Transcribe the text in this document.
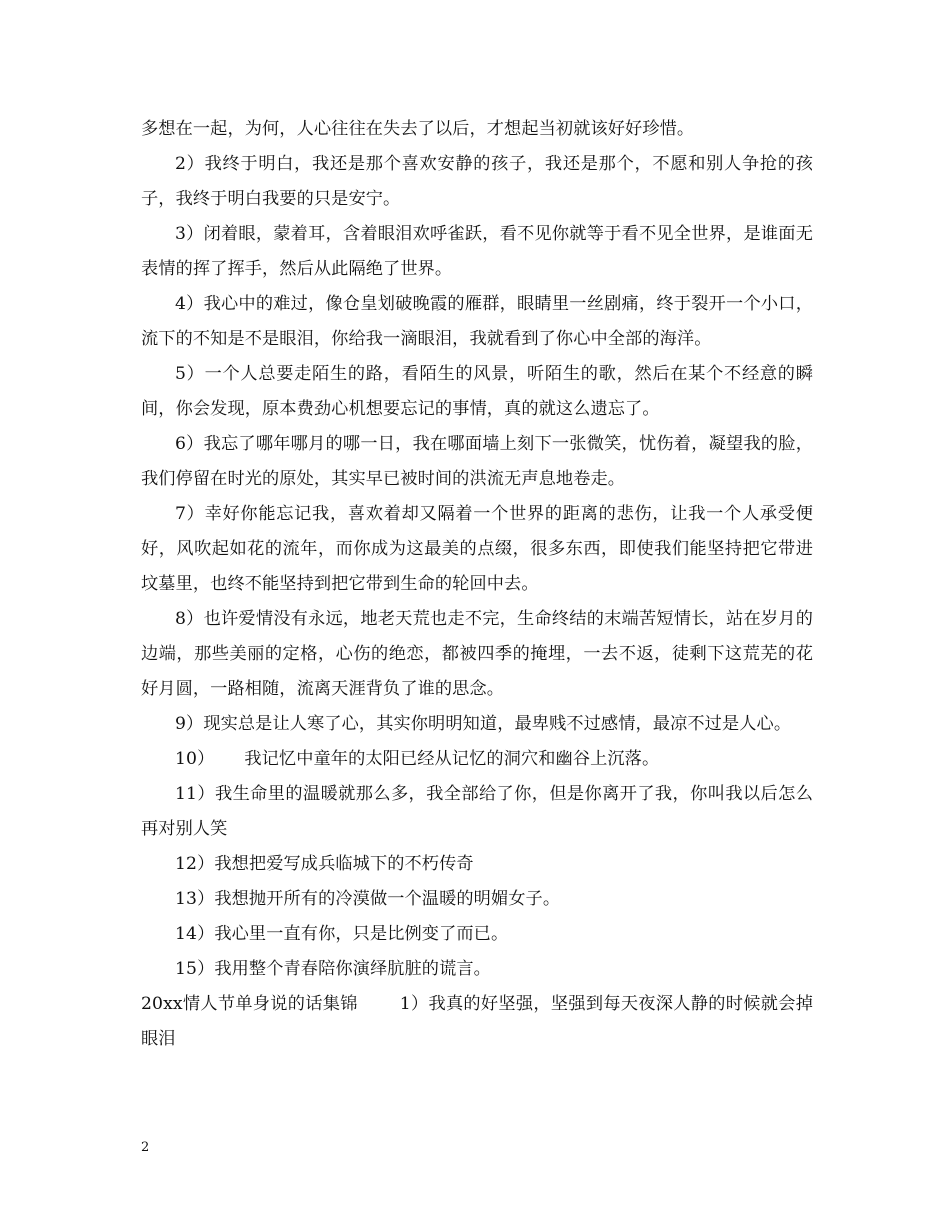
多想在一起，为何，人心往往在失去了以后，才想起当初就该好好珍惜。

2）我终于明白，我还是那个喜欢安静的孩子，我还是那个，不愿和别人争抢的孩子，我终于明白我要的只是安宁。

3）闭着眼，蒙着耳，含着眼泪欢呼雀跃，看不见你就等于看不见全世界，是谁面无表情的挥了挥手，然后从此隔绝了世界。

4）我心中的难过，像仓皇划破晚霞的雁群，眼睛里一丝剧痛，终于裂开一个小口，流下的不知是不是眼泪，你给我一滴眼泪，我就看到了你心中全部的海洋。

5）一个人总要走陌生的路，看陌生的风景，听陌生的歌，然后在某个不经意的瞬间，你会发现，原本费劲心机想要忘记的事情，真的就这么遗忘了。

6）我忘了哪年哪月的哪一日，我在哪面墙上刻下一张微笑，忧伤着，凝望我的脸，我们停留在时光的原处，其实早已被时间的洪流无声息地卷走。

7）幸好你能忘记我，喜欢着却又隔着一个世界的距离的悲伤，让我一个人承受便好，风吹起如花的流年，而你成为这最美的点缀，很多东西，即使我们能坚持把它带进坟墓里，也终不能坚持到把它带到生命的轮回中去。

8）也许爱情没有永远，地老天荒也走不完，生命终结的末端苦短情长，站在岁月的边端，那些美丽的定格，心伤的绝恋，都被四季的掩埋，一去不返，徒剩下这荒芜的花好月圆，一路相随，流离天涯背负了谁的思念。

9）现实总是让人寒了心，其实你明明知道，最卑贱不过感情，最凉不过是人心。

10） 我记忆中童年的太阳已经从记忆的洞穴和幽谷上沉落。

11）我生命里的温暖就那么多，我全部给了你，但是你离开了我，你叫我以后怎么再对别人笑

12）我想把爱写成兵临城下的不朽传奇

13）我想抛开所有的冷漠做一个温暖的明媚女子。

14）我心里一直有你，只是比例变了而已。

15）我用整个青春陪你演绎肮脏的谎言。

20xx情人节单身说的话集锦 1）我真的好坚强，坚强到每天夜深人静的时候就会掉眼泪

2
